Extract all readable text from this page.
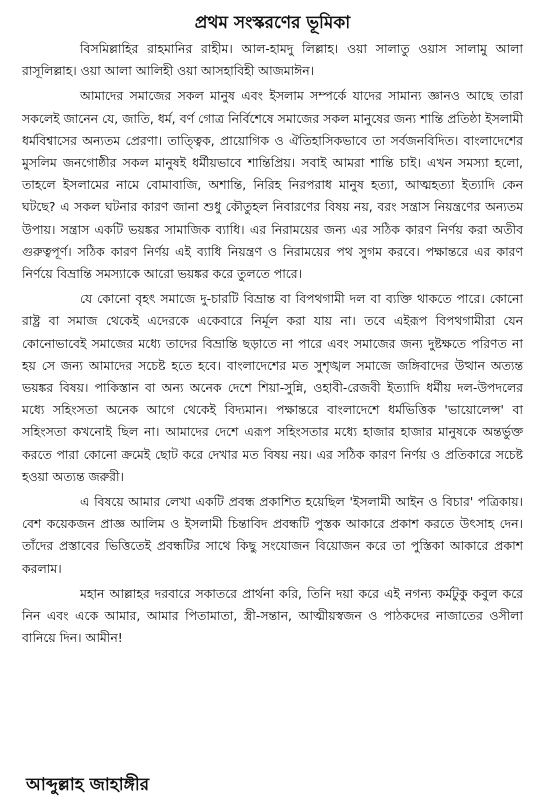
প্রথম সংস্করণের ভূমিকা

বিসমিল্লাহির রাহমানির রাহীম। আল-হামদু লিল্লাহ। ওয়া সালাতু ওয়াস সালামু আলা রাসূলিল্লাহ। ওয়া আলা আলিহী ওয়া আসহাবিহী আজমাঈন।

আমাদের সমাজের সকল মানুষ এবং ইসলাম সম্পর্কে যাদের সামান্য জ্ঞানও আছে তারা সকলেই জানেন যে, জাতি, ধর্ম, বর্ণ গোত্র নির্বিশেষে সমাজের সকল মানুষের জন্য শান্তি প্রতিষ্ঠা ইসলামী ধর্মবিশ্বাসের অন্যতম প্রেরণা। তাত্ত্বিক, প্রায়োগিক ও ঐতিহাসিকভাবে তা সর্বজনবিদিত। বাংলাদেশের মুসলিম জনগোষ্ঠীর সকল মানুষই ধর্মীয়ভাবে শান্তিপ্রিয়। সবাই আমরা শান্তি চাই। এখন সমস্যা হলো, তাহলে ইসলামের নামে বোমাবাজি, অশান্তি, নিরিহ নিরপরাধ মানুষ হত্যা, আত্মহত্যা ইত্যাদি কেন ঘটছে? এ সকল ঘটনার কারণ জানা শুধু কৌতুহল নিবারণের বিষয় নয়, বরং সন্ত্রাস নিয়ন্ত্রণের অন্যতম উপায়। সন্ত্রাস একটি ভয়ঙ্কর সামাজিক ব্যাধি। এর নিরাময়ের জন্য এর সঠিক কারণ নির্ণয় করা অতীব গুরুত্বপূর্ণ। সঠিক কারণ নির্ণয় এই ব্যাধি নিয়ন্ত্রণ ও নিরাময়ের পথ সুগম করবে। পক্ষান্তরে এর কারণ নির্ণয়ে বিভ্রান্তি সমস্যাকে আরো ভয়ঙ্কর করে তুলতে পারে।

যে কোনো বৃহৎ সমাজে দু-চারটি বিভ্রান্ত বা বিপথগামী দল বা ব্যক্তি থাকতে পারে। কোনো রাষ্ট্র বা সমাজ থেকেই এদেরকে একেবারে নির্মূল করা যায় না। তবে এইরূপ বিপথগামীরা যেন কোনোভাবেই সমাজের মধ্যে তাদের বিভ্রান্তি ছড়াতে না পারে এবং সমাজের জন্য দুষ্টক্ষতে পরিণত না হয় সে জন্য আমাদের সচেষ্ট হতে হবে। বাংলাদেশের মত সুশৃঙ্খল সমাজে জঙ্গিবাদের উত্থান অত্যন্ত ভয়ঙ্কর বিষয়। পাকিস্তান বা অন্য অনেক দেশে শিয়া-সুন্নি, ওহাবী-রেজবী ইত্যাদি ধর্মীয় দল-উপদলের মধ্যে সহিংসতা অনেক আগে থেকেই বিদ্যমান। পক্ষান্তরে বাংলাদেশে ধর্মভিত্তিক 'ভায়োলেন্স' বা সহিংসতা কখনোই ছিল না। আমাদের দেশে এরূপ সহিংসতার মধ্যে হাজার হাজার মানুষকে অন্তর্ভুক্ত করতে পারা কোনো ক্রমেই ছোট করে দেখার মত বিষয় নয়। এর সঠিক কারণ নির্ণয় ও প্রতিকারে সচেষ্ট হওয়া অত্যন্ত জরুরী।

এ বিষয়ে আমার লেখা একটি প্রবন্ধ প্রকাশিত হয়েছিল 'ইসলামী আইন ও বিচার' পত্রিকায়। বেশ কয়েকজন প্রাজ্ঞ আলিম ও ইসলামী চিন্তাবিদ প্রবন্ধটি পুস্তক আকারে প্রকাশ করতে উৎসাহ দেন। তাঁদের প্রস্তাবের ভিত্তিতেই প্রবন্ধটির সাথে কিছু সংযোজন বিয়োজন করে তা পুস্তিকা আকারে প্রকাশ করলাম।

মহান আল্লাহর দরবারে সকাতরে প্রার্থনা করি, তিনি দয়া করে এই নগন্য কর্মটুকু কবুল করে নিন এবং একে আমার, আমার পিতামাতা, স্ত্রী-সন্তান, আত্মীয়স্বজন ও পাঠকদের নাজাতের ওসীলা বানিয়ে দিন। আমীন!

আব্দুল্লাহ জাহাঙ্গীর
